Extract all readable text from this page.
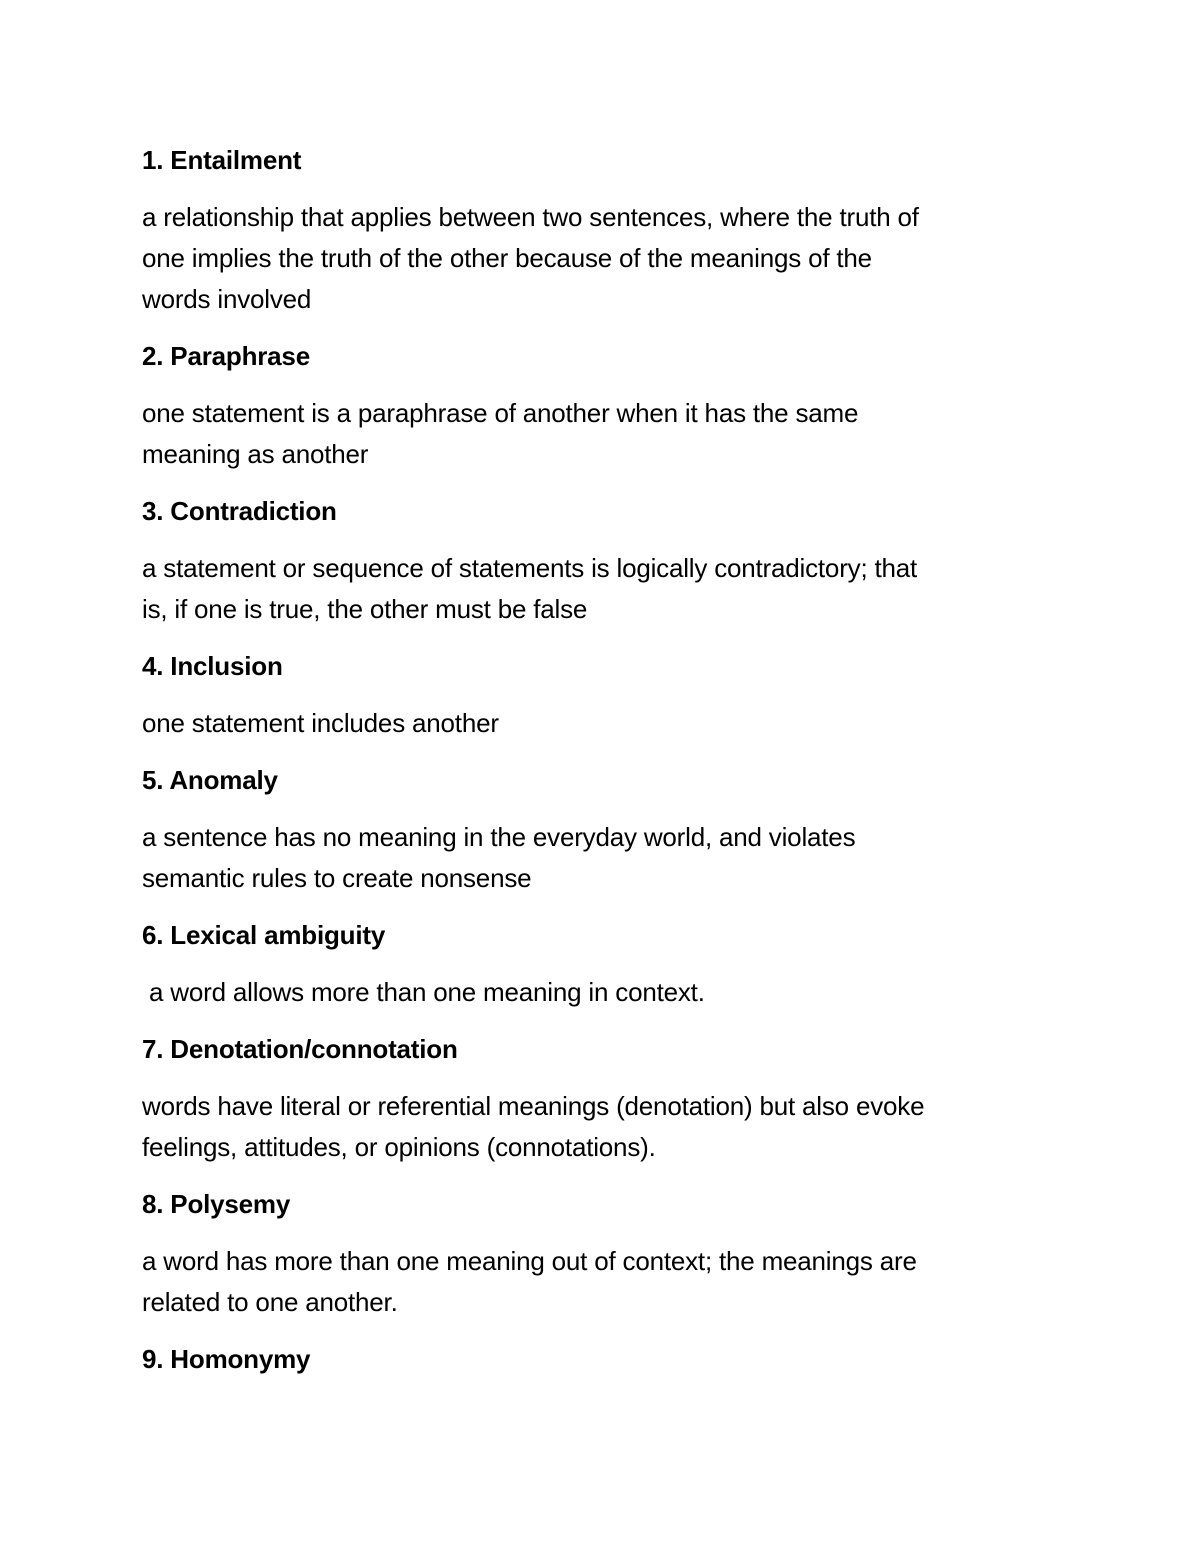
1. Entailment
a relationship that applies between two sentences, where the truth of
one implies the truth of the other because of the meanings of the
words involved
2. Paraphrase
one statement is a paraphrase of another when it has the same
meaning as another
3. Contradiction
a statement or sequence of statements is logically contradictory; that
is, if one is true, the other must be false
4. Inclusion
one statement includes another
5. Anomaly
a sentence has no meaning in the everyday world, and violates
semantic rules to create nonsense
6. Lexical ambiguity
a word allows more than one meaning in context.
7. Denotation/connotation
words have literal or referential meanings (denotation) but also evoke
feelings, attitudes, or opinions (connotations).
8. Polysemy
a word has more than one meaning out of context; the meanings are
related to one another.
9. Homonymy
